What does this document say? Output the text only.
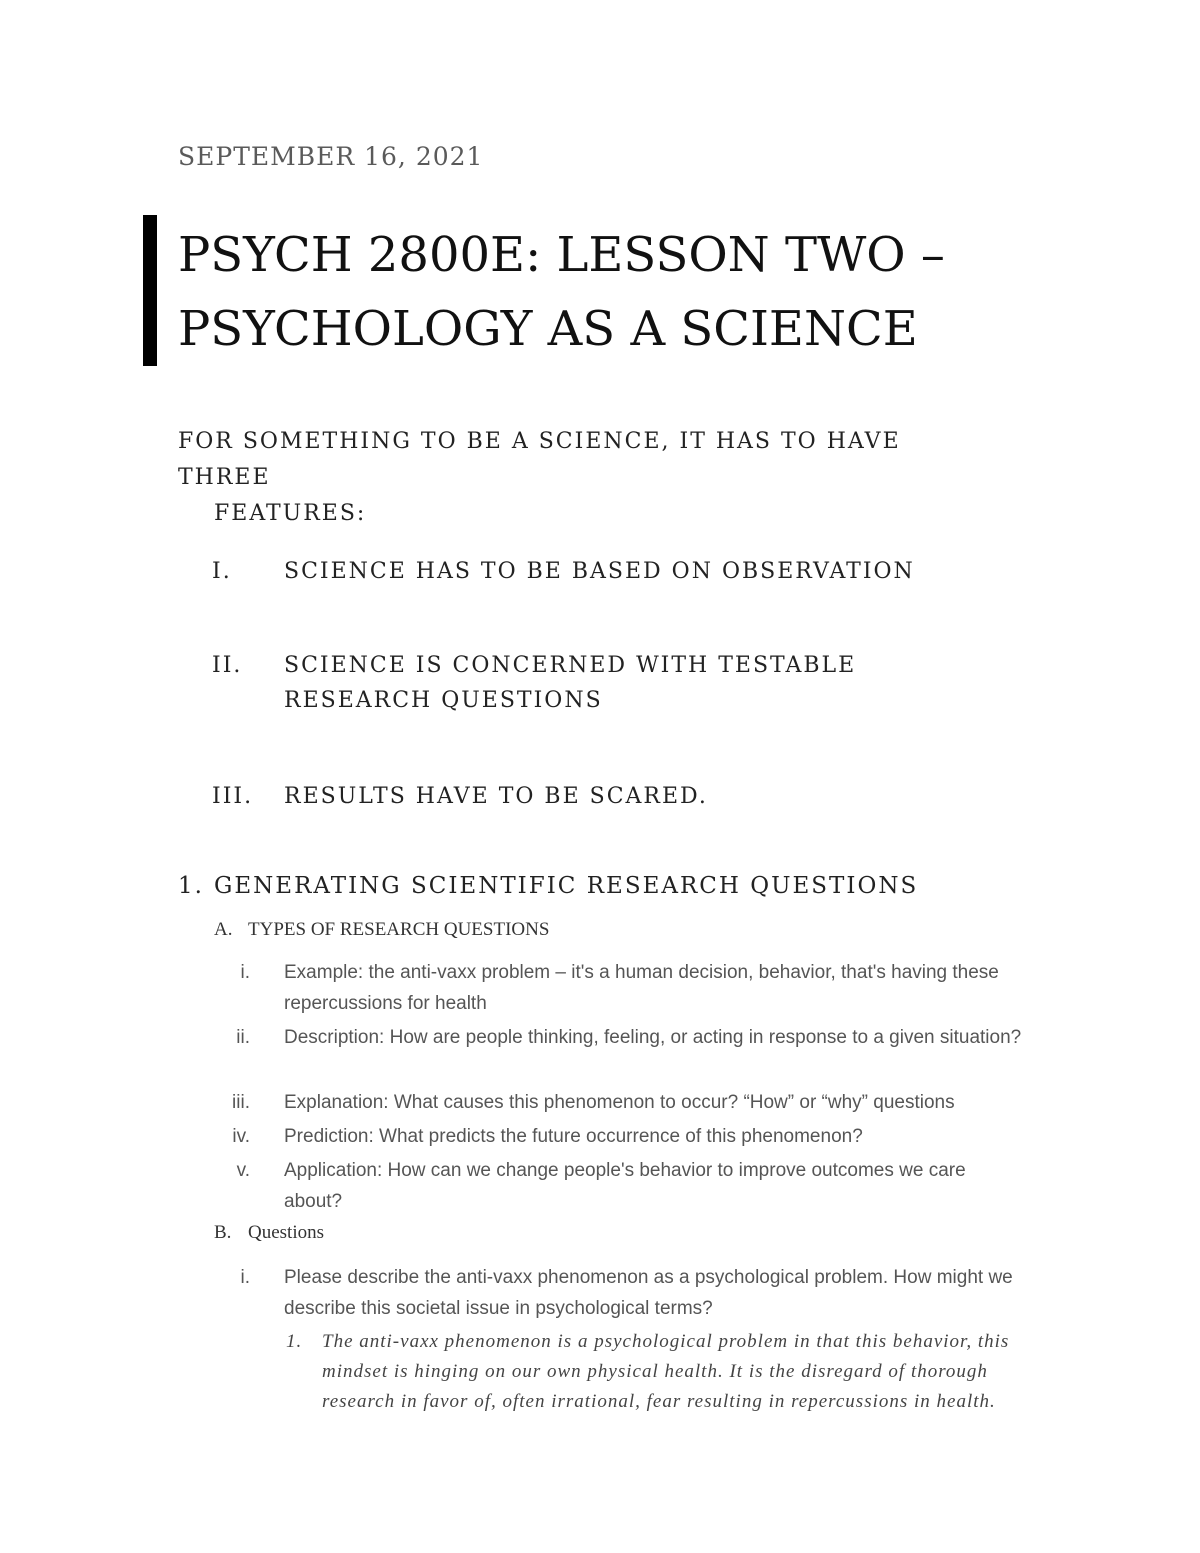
SEPTEMBER 16, 2021
PSYCH 2800E: LESSON TWO –
PSYCHOLOGY AS A SCIENCE
FOR SOMETHING TO BE A SCIENCE, IT HAS TO HAVE THREE
FEATURES:
I. SCIENCE HAS TO BE BASED ON OBSERVATION
II. SCIENCE IS CONCERNED WITH TESTABLE RESEARCH QUESTIONS
III. RESULTS HAVE TO BE SCARED.
1. GENERATING SCIENTIFIC RESEARCH QUESTIONS
A. TYPES OF RESEARCH QUESTIONS
i. Example: the anti-vaxx problem – it's a human decision, behavior, that's having these repercussions for health
ii. Description: How are people thinking, feeling, or acting in response to a given situation?
iii. Explanation: What causes this phenomenon to occur? “How” or “why” questions
iv. Prediction: What predicts the future occurrence of this phenomenon?
v. Application: How can we change people's behavior to improve outcomes we care about?
B. Questions
i. Please describe the anti-vaxx phenomenon as a psychological problem. How might we describe this societal issue in psychological terms?
1. The anti-vaxx phenomenon is a psychological problem in that this behavior, this mindset is hinging on our own physical health. It is the disregard of thorough research in favor of, often irrational, fear resulting in repercussions in health.
